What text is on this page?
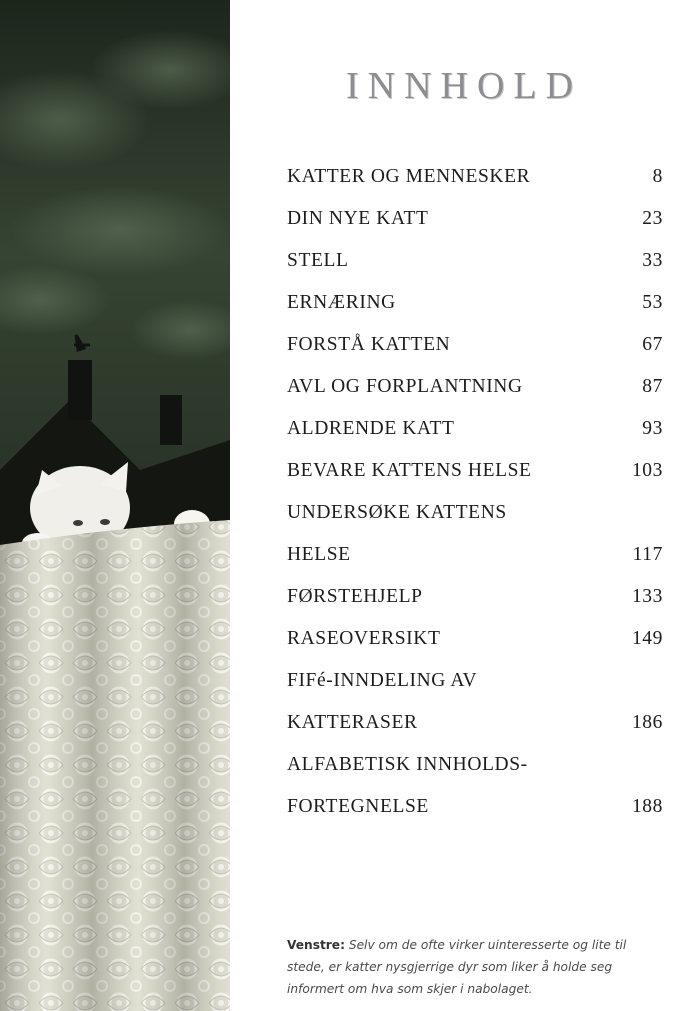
INNHOLD
KATTER OG MENNESKER	8
DIN NYE KATT	23
STELL	33
ERNÆRING	53
FORSTÅ KATTEN	67
AVL OG FORPLANTNING	87
ALDRENDE KATT	93
BEVARE KATTENS HELSE	103
UNDERSØKE KATTENS
HELSE	117
FØRSTEHJELP	133
RASEOVERSIKT	149
FIFé-INNDELING AV
KATTERASER	186
ALFABETISK INNHOLDS-
FORTEGNELSE	188

Venstre: Selv om de ofte virker uinteresserte og lite til stede, er katter nysgjerrige dyr som liker å holde seg informert om hva som skjer i nabolaget.
